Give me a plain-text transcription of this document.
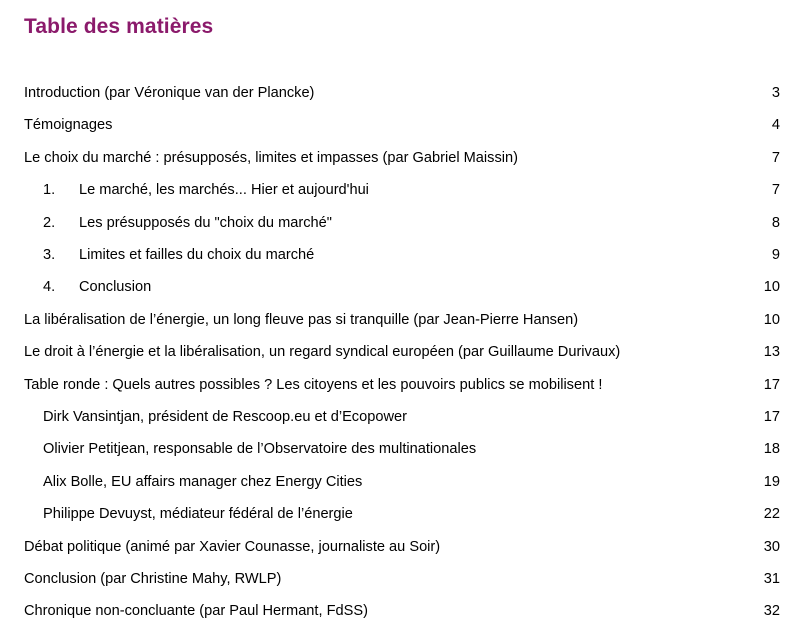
Table des matières
Introduction (par Véronique van der Plancke)	3
Témoignages	4
Le choix du marché : présupposés, limites et impasses (par Gabriel Maissin)	7
1.	Le marché, les marchés... Hier et aujourd'hui	7
2.	Les présupposés du "choix du marché"	8
3.	Limites et failles du choix du marché	9
4.	Conclusion	10
La libéralisation de l’énergie, un long fleuve pas si tranquille (par Jean-Pierre Hansen)	10
Le droit à l’énergie et la libéralisation, un regard syndical européen (par Guillaume Durivaux)	13
Table ronde : Quels autres possibles ? Les citoyens et les pouvoirs publics se mobilisent !	17
Dirk Vansintjan, président de Rescoop.eu et d’Ecopower	17
Olivier Petitjean, responsable de l’Observatoire des multinationales	18
Alix Bolle, EU affairs manager chez Energy Cities	19
Philippe Devuyst, médiateur fédéral de l’énergie	22
Débat politique (animé par Xavier Counasse, journaliste au Soir)	30
Conclusion (par Christine Mahy, RWLP)	31
Chronique non-concluante (par Paul Hermant, FdSS)	32
